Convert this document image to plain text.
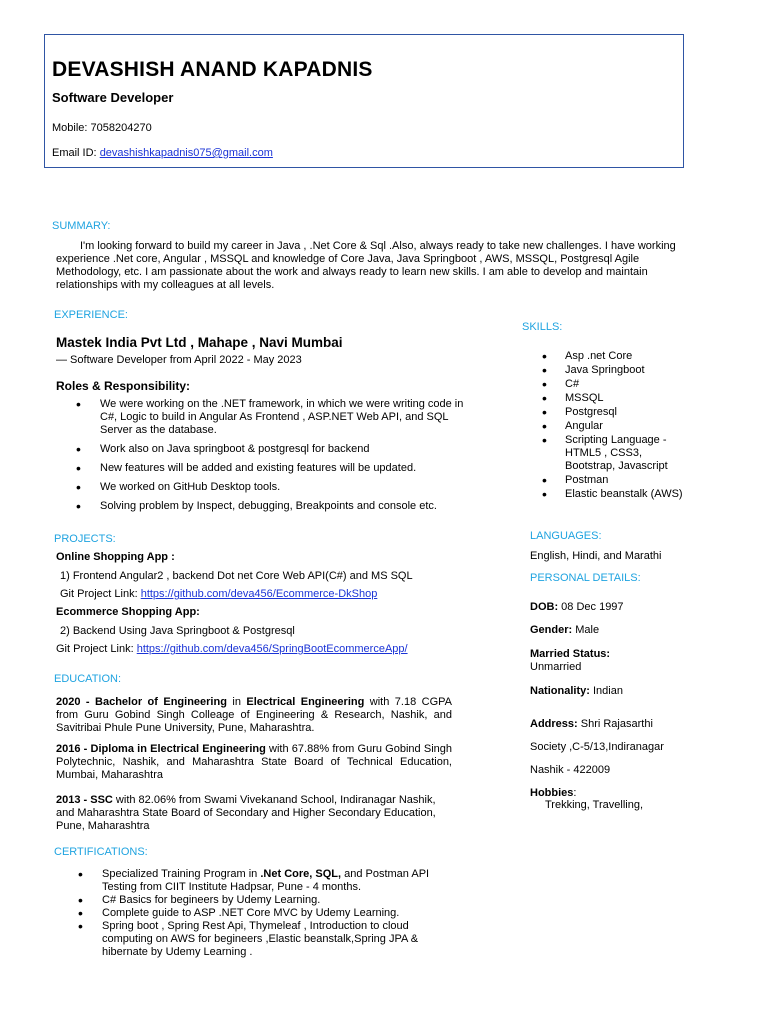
DEVASHISH ANAND KAPADNIS
Software Developer
Mobile: 7058204270
Email ID: devashishkapadnis075@gmail.com
SUMMARY:
I'm looking forward to build my career in Java , .Net Core & Sql .Also, always ready to take new challenges. I have working experience .Net core, Angular , MSSQL and knowledge of Core Java, Java Springboot , AWS, MSSQL, Postgresql Agile Methodology, etc. I am passionate about the work and always ready to learn new skills. I am able to develop and maintain relationships with my colleagues at all levels.
EXPERIENCE:
Mastek India Pvt Ltd , Mahape , Navi Mumbai
— Software Developer from April 2022 - May 2023
Roles & Responsibility:
• We were working on the .NET framework, in which we were writing code in C#, Logic to build in Angular As Frontend , ASP.NET Web API, and SQL Server as the database.
• Work also on Java springboot & postgresql for backend
• New features will be added and existing features will be updated.
• We worked on GitHub Desktop tools.
• Solving problem by Inspect, debugging, Breakpoints and console etc.
PROJECTS:
Online Shopping App :
1) Frontend Angular2 , backend Dot net Core Web API(C#) and MS SQL
Git Project Link: https://github.com/deva456/Ecommerce-DkShop
Ecommerce Shopping App:
2) Backend Using Java Springboot & Postgresql
Git Project Link: https://github.com/deva456/SpringBootEcommerceApp/
EDUCATION:
2020 - Bachelor of Engineering in Electrical Engineering with 7.18 CGPA from Guru Gobind Singh Colleage of Engineering & Research, Nashik, and Savitribai Phule Pune University, Pune, Maharashtra.
2016 - Diploma in Electrical Engineering with 67.88% from Guru Gobind Singh Polytechnic, Nashik, and Maharashtra State Board of Technical Education, Mumbai, Maharashtra
2013 - SSC with 82.06% from Swami Vivekanand School, Indiranagar Nashik, and Maharashtra State Board of Secondary and Higher Secondary Education, Pune, Maharashtra
CERTIFICATIONS:
• Specialized Training Program in .Net Core, SQL, and Postman API Testing from CIIT Institute Hadpsar, Pune - 4 months.
• C# Basics for begineers by Udemy Learning.
• Complete guide to ASP .NET Core MVC by Udemy Learning.
• Spring boot , Spring Rest Api, Thymeleaf , Introduction to cloud computing on AWS for begineers ,Elastic beanstalk,Spring JPA & hibernate by Udemy Learning .
SKILLS:
• Asp .net Core
• Java Springboot
• C#
• MSSQL
• Postgresql
• Angular
• Scripting Language - HTML5 , CSS3, Bootstrap, Javascript
• Postman
• Elastic beanstalk (AWS)
LANGUAGES:
English, Hindi, and Marathi
PERSONAL DETAILS:
DOB: 08 Dec 1997
Gender: Male
Married Status:
Unmarried
Nationality: Indian
Address: Shri Rajasarthi
Society ,C-5/13,Indiranagar
Nashik - 422009
Hobbies:
Trekking, Travelling,
